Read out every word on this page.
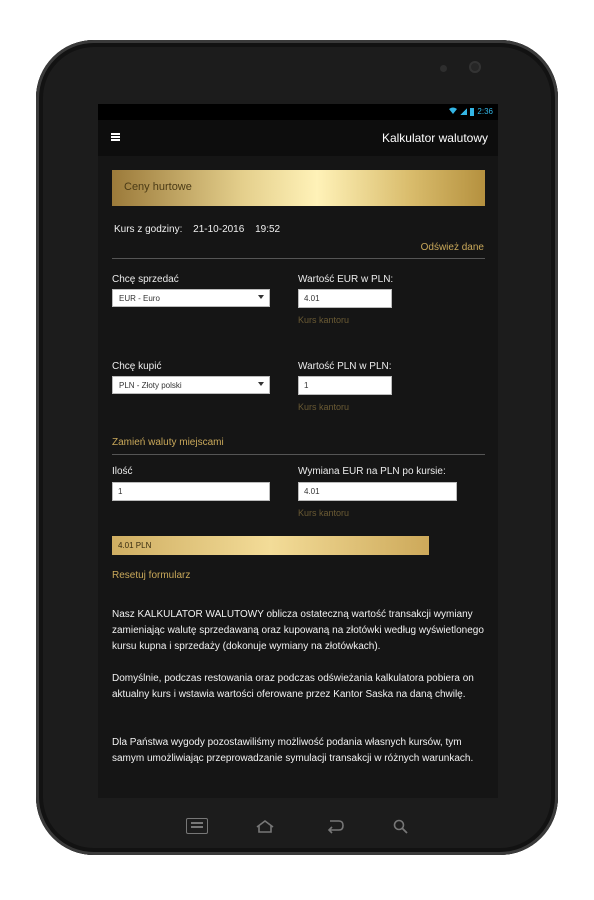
2:36
Kalkulator walutowy
Ceny hurtowe
Kurs z godziny: 21-10-2016 19:52
Odśwież dane
Chcę sprzedać
EUR - Euro
Wartość EUR w PLN:
4.01
Kurs kantoru
Chcę kupić
PLN - Złoty polski
Wartość PLN w PLN:
1
Kurs kantoru
Zamień waluty miejscami
Ilość
1
Wymiana EUR na PLN po kursie:
4.01
Kurs kantoru
4.01 PLN
Resetuj formularz
Nasz KALKULATOR WALUTOWY oblicza ostateczną wartość transakcji wymiany zamieniając walutę sprzedawaną oraz kupowaną na złotówki według wyświetlonego kursu kupna i sprzedaży (dokonuje wymiany na złotówkach).
Domyślnie, podczas restowania oraz podczas odświeżania kalkulatora pobiera on aktualny kurs i wstawia wartości oferowane przez Kantor Saska na daną chwilę.
Dla Państwa wygody pozostawiliśmy możliwość podania własnych kursów, tym samym umożliwiając przeprowadzanie symulacji transakcji w różnych warunkach.
